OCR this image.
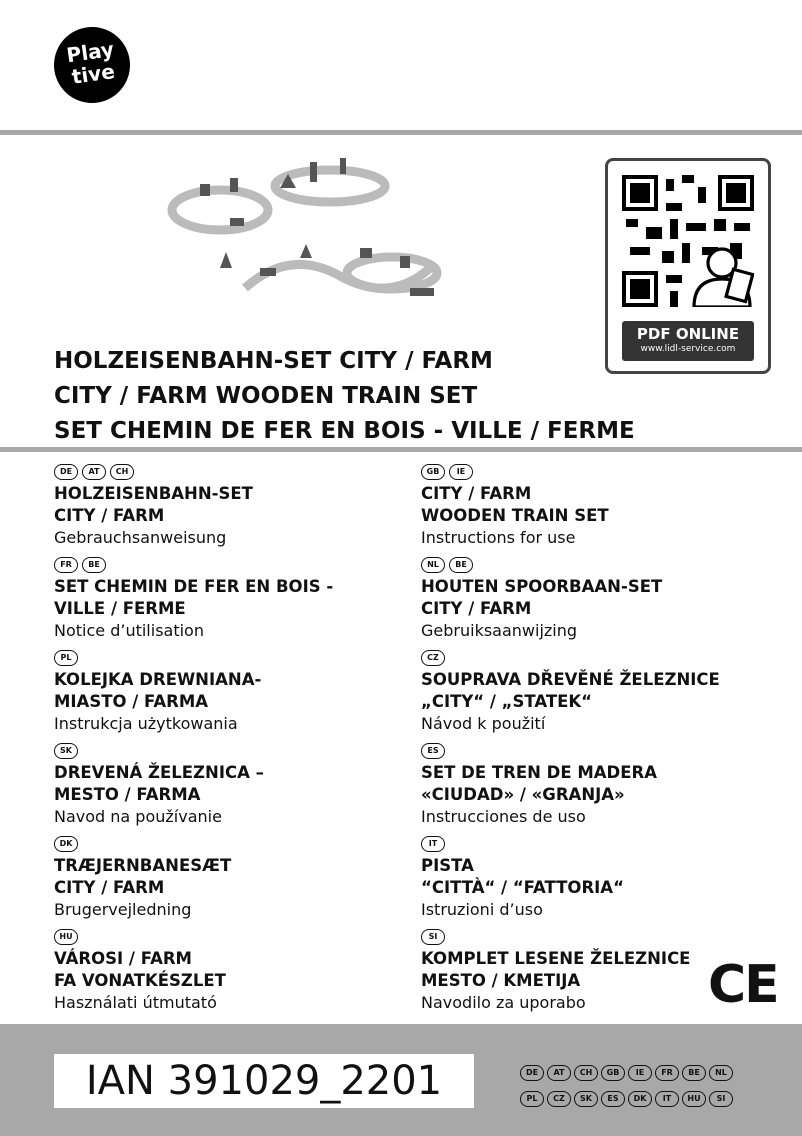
Play
tive
PDF ONLINE
www.lidl-service.com
HOLZEISENBAHN-SET CITY / FARM
CITY / FARM WOODEN TRAIN SET
SET CHEMIN DE FER EN BOIS - VILLE / FERME
DE	AT	CH
HOLZEISENBAHN-SET
CITY / FARM
Gebrauchsanweisung
FR	BE
SET CHEMIN DE FER EN BOIS -
VILLE / FERME
Notice d’utilisation
PL
KOLEJKA DREWNIANA-
MIASTO / FARMA
Instrukcja użytkowania
SK
DREVENÁ ŽELEZNICA –
MESTO / FARMA
Navod na používanie
DK
TRÆJERNBANESÆT
CITY / FARM
Brugervejledning
HU
VÁROSI / FARM
FA VONATKÉSZLET
Használati útmutató
GB	IE
CITY / FARM
WOODEN TRAIN SET
Instructions for use
NL	BE
HOUTEN SPOORBAAN-SET
CITY / FARM
Gebruiksaanwijzing
CZ
SOUPRAVA DŘEVĚNÉ ŽELEZNICE
„CITY“ / „STATEK“
Návod k použití
ES
SET DE TREN DE MADERA
«CIUDAD» / «GRANJA»
Instrucciones de uso
IT
PISTA
“CITTÀ“ / “FATTORIA“
Istruzioni d’uso
SI
KOMPLET LESENE ŽELEZNICE
MESTO / KMETIJA
Navodilo za uporabo	CE
IAN 391029_2201	DE	AT	CH	GB	IE	FR	BE	NL
PL	CZ	SK	ES	DK	IT	HU	SI
